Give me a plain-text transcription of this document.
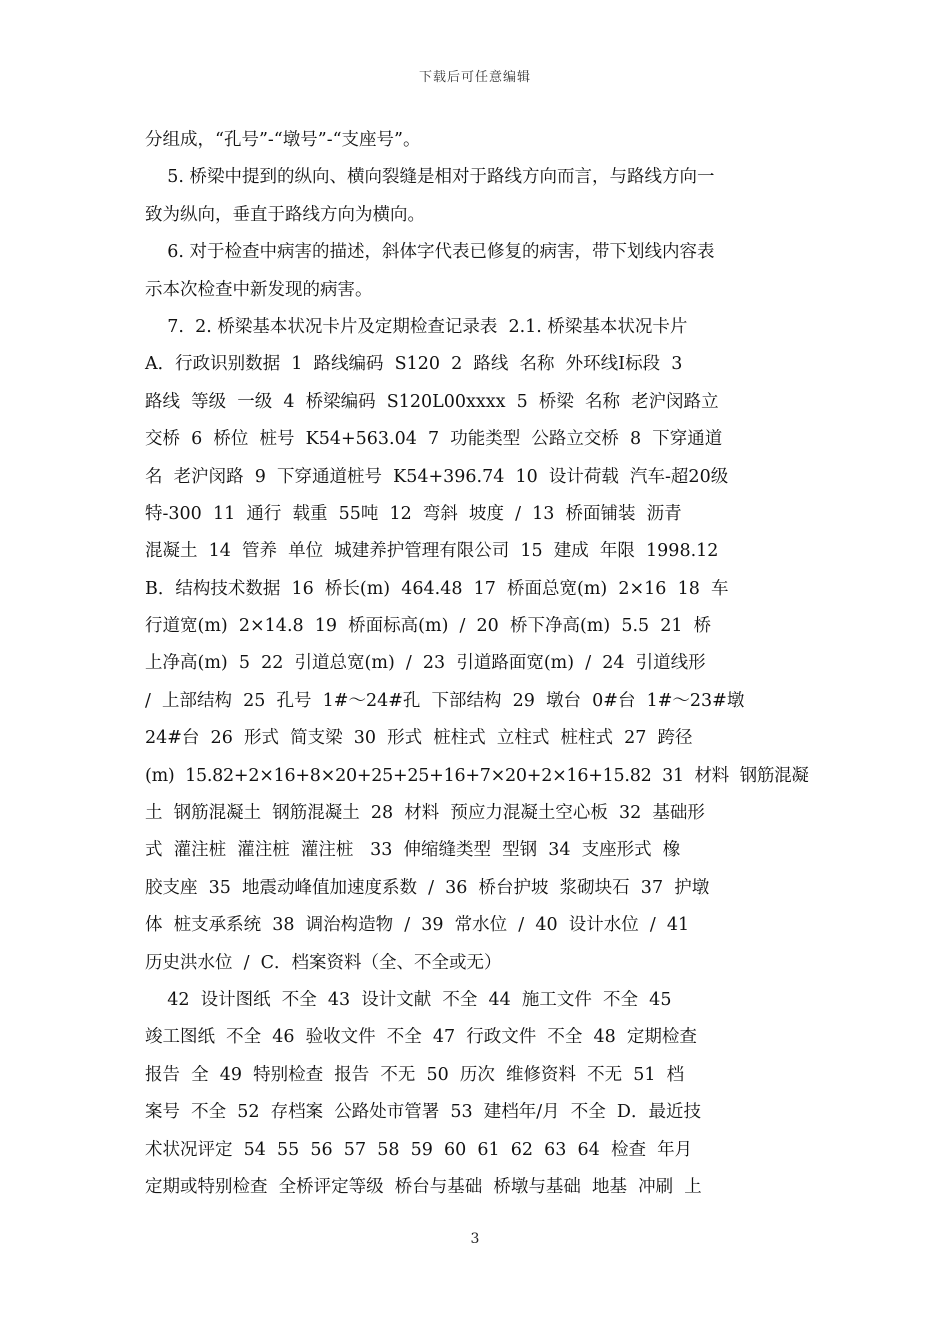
下载后可任意编辑
分组成，“孔号”-“墩号”-“支座号”。
5. 桥梁中提到的纵向、横向裂缝是相对于路线方向而言，与路线方向一
致为纵向，垂直于路线方向为横向。
6. 对于检查中病害的描述，斜体字代表已修复的病害，带下划线内容表
示本次检查中新发现的病害。
7.  2. 桥梁基本状况卡片及定期检查记录表  2.1. 桥梁基本状况卡片
A．行政识别数据  1  路线编码  S120  2  路线  名称  外环线Ⅰ标段  3
路线  等级  一级  4  桥梁编码  S120L00xxxx  5  桥梁  名称  老沪闵路立
交桥  6  桥位  桩号  K54+563.04  7  功能类型  公路立交桥  8  下穿通道
名  老沪闵路  9  下穿通道桩号  K54+396.74  10  设计荷载  汽车-超20级
特-300  11  通行  载重  55吨  12  弯斜  坡度  /  13  桥面铺装  沥青
混凝土  14  管养  单位  城建养护管理有限公司  15  建成  年限  1998.12
B．结构技术数据  16  桥长(m)  464.48  17  桥面总宽(m)  2×16  18  车
行道宽(m)  2×14.8  19  桥面标高(m)  /  20  桥下净高(m)  5.5  21  桥
上净高(m)  5  22  引道总宽(m)  /  23  引道路面宽(m)  /  24  引道线形
/  上部结构  25  孔号  1#～24#孔  下部结构  29  墩台  0#台  1#～23#墩
24#台  26  形式  简支梁  30  形式  桩柱式  立柱式  桩柱式  27  跨径
(m)  15.82+2×16+8×20+25+25+16+7×20+2×16+15.82  31  材料  钢筋混凝
土  钢筋混凝土  钢筋混凝土  28  材料  预应力混凝土空心板  32  基础形
式  灌注桩  灌注桩  灌注桩   33  伸缩缝类型  型钢  34  支座形式  橡
胶支座  35  地震动峰值加速度系数  /  36  桥台护坡  浆砌块石  37  护墩
体  桩支承系统  38  调治构造物  /  39  常水位  /  40  设计水位  /  41
历史洪水位  /  C．档案资料（全、不全或无）
42  设计图纸  不全  43  设计文献  不全  44  施工文件  不全  45
竣工图纸  不全  46  验收文件  不全  47  行政文件  不全  48  定期检查
报告  全  49  特别检查  报告  不无  50  历次  维修资料  不无  51  档
案号  不全  52  存档案  公路处市管署  53  建档年/月  不全  D．最近技
术状况评定  54  55  56  57  58  59  60  61  62  63  64  检查  年月
定期或特别检查  全桥评定等级  桥台与基础  桥墩与基础  地基  冲刷  上
3
